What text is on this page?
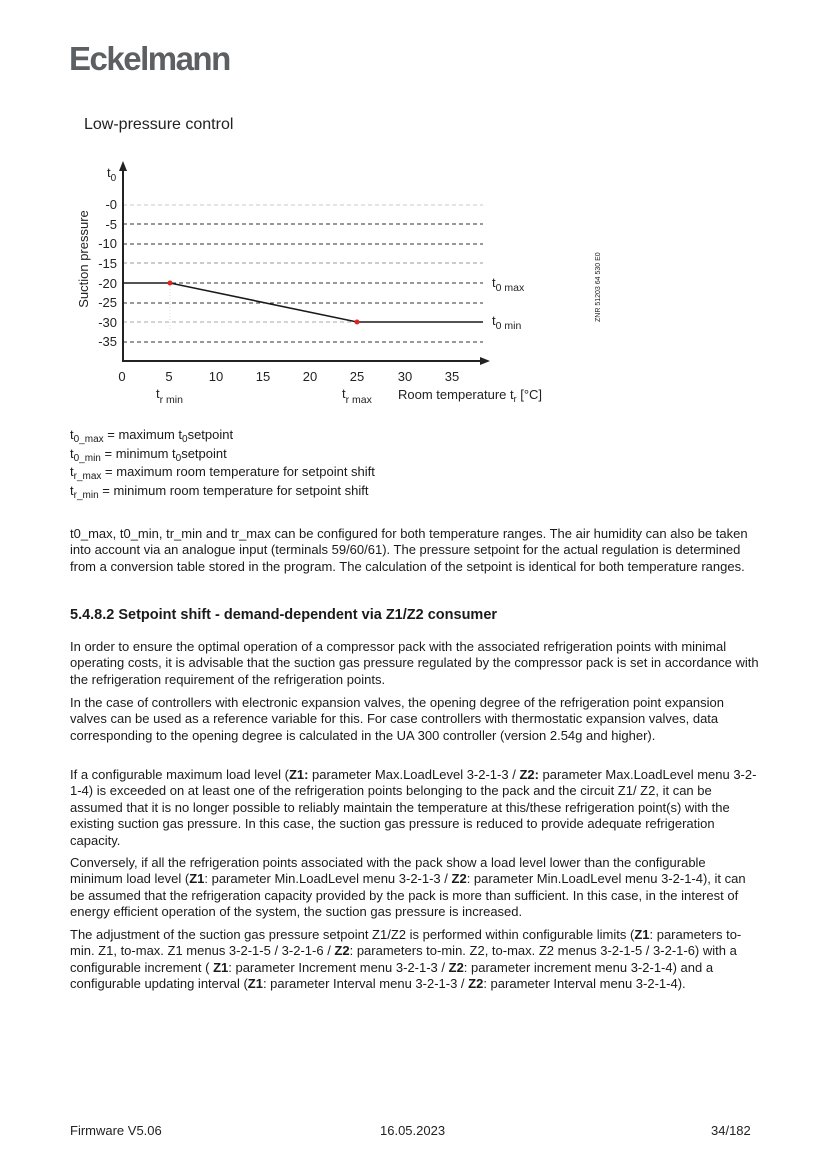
Eckelmann
Low-pressure control
$t_0$
-0
-5
-10
-15
-20
-25
-30
-35
Suction pressure
0	5	10	15	20	25	30	35
$t_{r min}$	$t_{r max}$ Room temperature $t_r$ [°C]
$t_{0 max}$
$t_{0 min}$
ZNR 51203 64 530 E0
$t_{0\_max}$ = maximum $t_0setpoint$
$t_{0\_min}$ = minimum $t_0setpoint$
$t_{r\_max}$ = maximum room temperature for setpoint shift
$t_{r\_min}$ = minimum room temperature for setpoint shift

t0_max, t0_min, tr_min and tr_max can be configured for both temperature ranges. The air humidity can also be taken into account via an analogue input (terminals 59/60/61). The pressure setpoint for the actual regulation is determined from a conversion table stored in the program. The calculation of the setpoint is identical for both temperature ranges.

5.4.8.2 Setpoint shift - demand-dependent via Z1/Z2 consumer

In order to ensure the optimal operation of a compressor pack with the associated refrigeration points with minimal operating costs, it is advisable that the suction gas pressure regulated by the compressor pack is set in accordance with the refrigeration requirement of the refrigeration points.

In the case of controllers with electronic expansion valves, the opening degree of the refrigeration point expansion valves can be used as a reference variable for this. For case controllers with thermostatic expansion valves, data corresponding to the opening degree is calculated in the UA 300 controller (version 2.54g and higher).

If a configurable maximum load level (Z1: parameter Max.LoadLevel 3-2-1-3 / Z2: parameter Max.LoadLevel menu 3-2-1-4) is exceeded on at least one of the refrigeration points belonging to the pack and the circuit Z1/ Z2, it can be assumed that it is no longer possible to reliably maintain the temperature at this/these refrigeration point(s) with the existing suction gas pressure. In this case, the suction gas pressure is reduced to provide adequate refrigeration capacity.

Conversely, if all the refrigeration points associated with the pack show a load level lower than the configurable minimum load level (Z1: parameter Min.LoadLevel menu 3-2-1-3 / Z2: parameter Min.LoadLevel menu 3-2-1-4), it can be assumed that the refrigeration capacity provided by the pack is more than sufficient. In this case, in the interest of energy efficient operation of the system, the suction gas pressure is increased.

The adjustment of the suction gas pressure setpoint Z1/Z2 is performed within configurable limits (Z1: parameters to-min. Z1, to-max. Z1 menus 3-2-1-5 / 3-2-1-6 / Z2: parameters to-min. Z2, to-max. Z2 menus 3-2-1-5 / 3-2-1-6) with a configurable increment ( Z1: parameter Increment menu 3-2-1-3 / Z2: parameter increment menu 3-2-1-4) and a configurable updating interval (Z1: parameter Interval menu 3-2-1-3 / Z2: parameter Interval menu 3-2-1-4).

Firmware V5.06	16.05.2023	34/182
